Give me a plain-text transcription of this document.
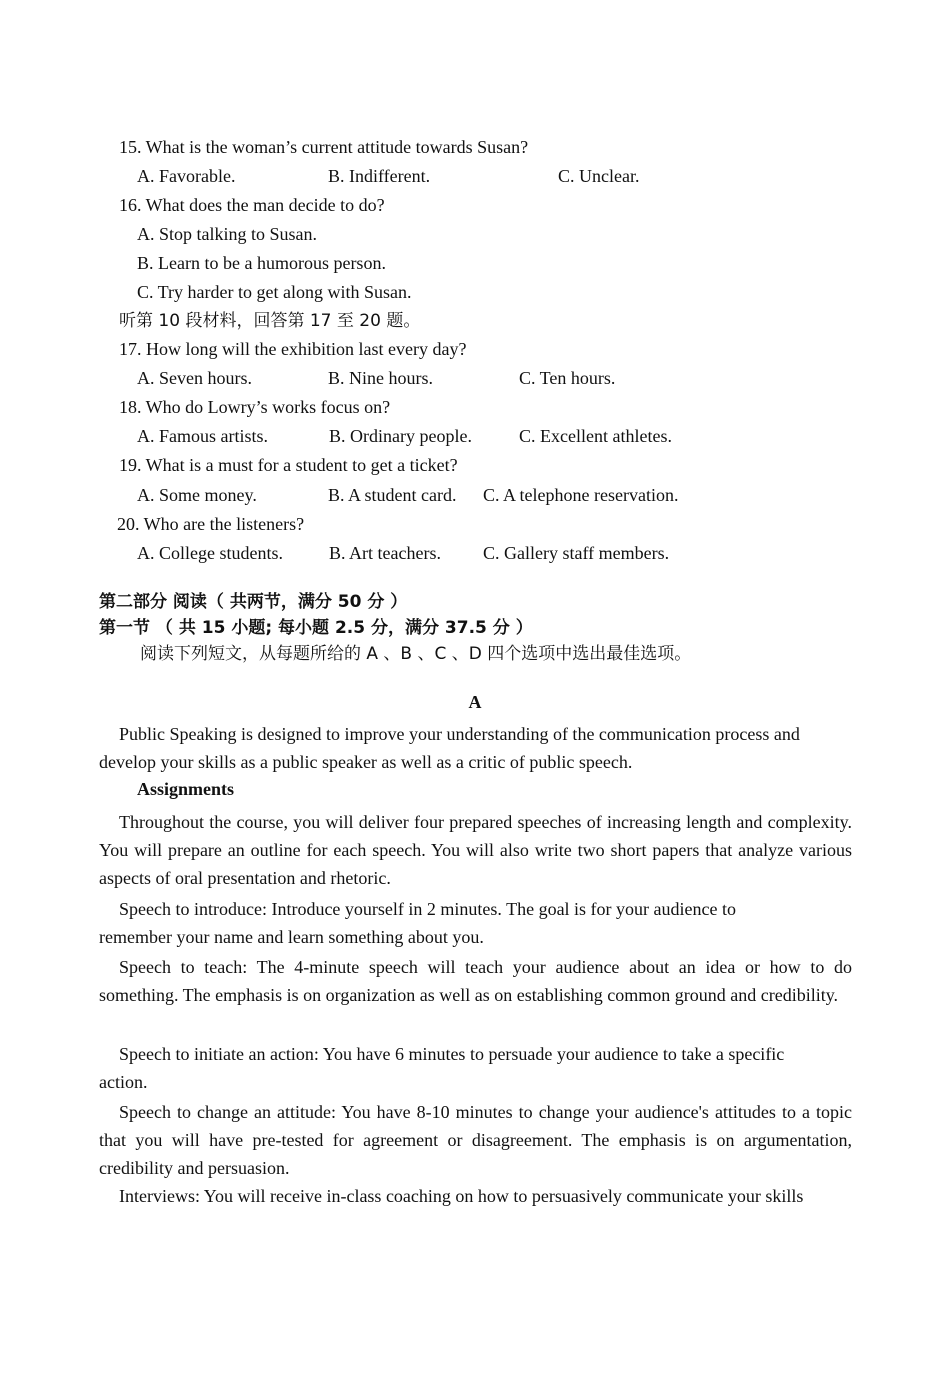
15. What is the woman’s current attitude towards Susan?
A. Favorable.	B. Indifferent.	C. Unclear.
16. What does the man decide to do?
A. Stop talking to Susan.
B. Learn to be a humorous person.
C. Try harder to get along with Susan.
听第 10 段材料，回答第 17 至 20 题。
17. How long will the exhibition last every day?
A. Seven hours.	B. Nine hours.	C. Ten hours.
18. Who do Lowry’s works focus on?
A. Famous artists.	B. Ordinary people.	C. Excellent athletes.
19. What is a must for a student to get a ticket?
A. Some money.	B. A student card. C. A telephone reservation.
20. Who are the listeners?
A. College students.	B. Art teachers. C. Gallery staff members.
第二部分 阅读（ 共两节，满分 50 分 ）
第一节 （ 共 15 小题; 每小题 2.5 分，满分 37.5 分 ）
阅读下列短文，从每题所给的 A 、B 、C 、D 四个选项中选出最佳选项。
A

Public Speaking is designed to improve your understanding of the communication process and develop your skills as a public speaker as well as a critic of public speech.

Assignments

Throughout the course, you will deliver four prepared speeches of increasing length and complexity. You will prepare an outline for each speech. You will also write two short papers that analyze various aspects of oral presentation and rhetoric.

Speech to introduce: Introduce yourself in 2 minutes. The goal is for your audience to remember your name and learn something about you.

Speech to teach: The 4-minute speech will teach your audience about an idea or how to do something. The emphasis is on organization as well as on establishing common ground and credibility.

Speech to initiate an action: You have 6 minutes to persuade your audience to take a specific action.

Speech to change an attitude: You have 8-10 minutes to change your audience's attitudes to a topic that you will have pre-tested for agreement or disagreement. The emphasis is on argumentation, credibility and persuasion.

Interviews: You will receive in-class coaching on how to persuasively communicate your skills
